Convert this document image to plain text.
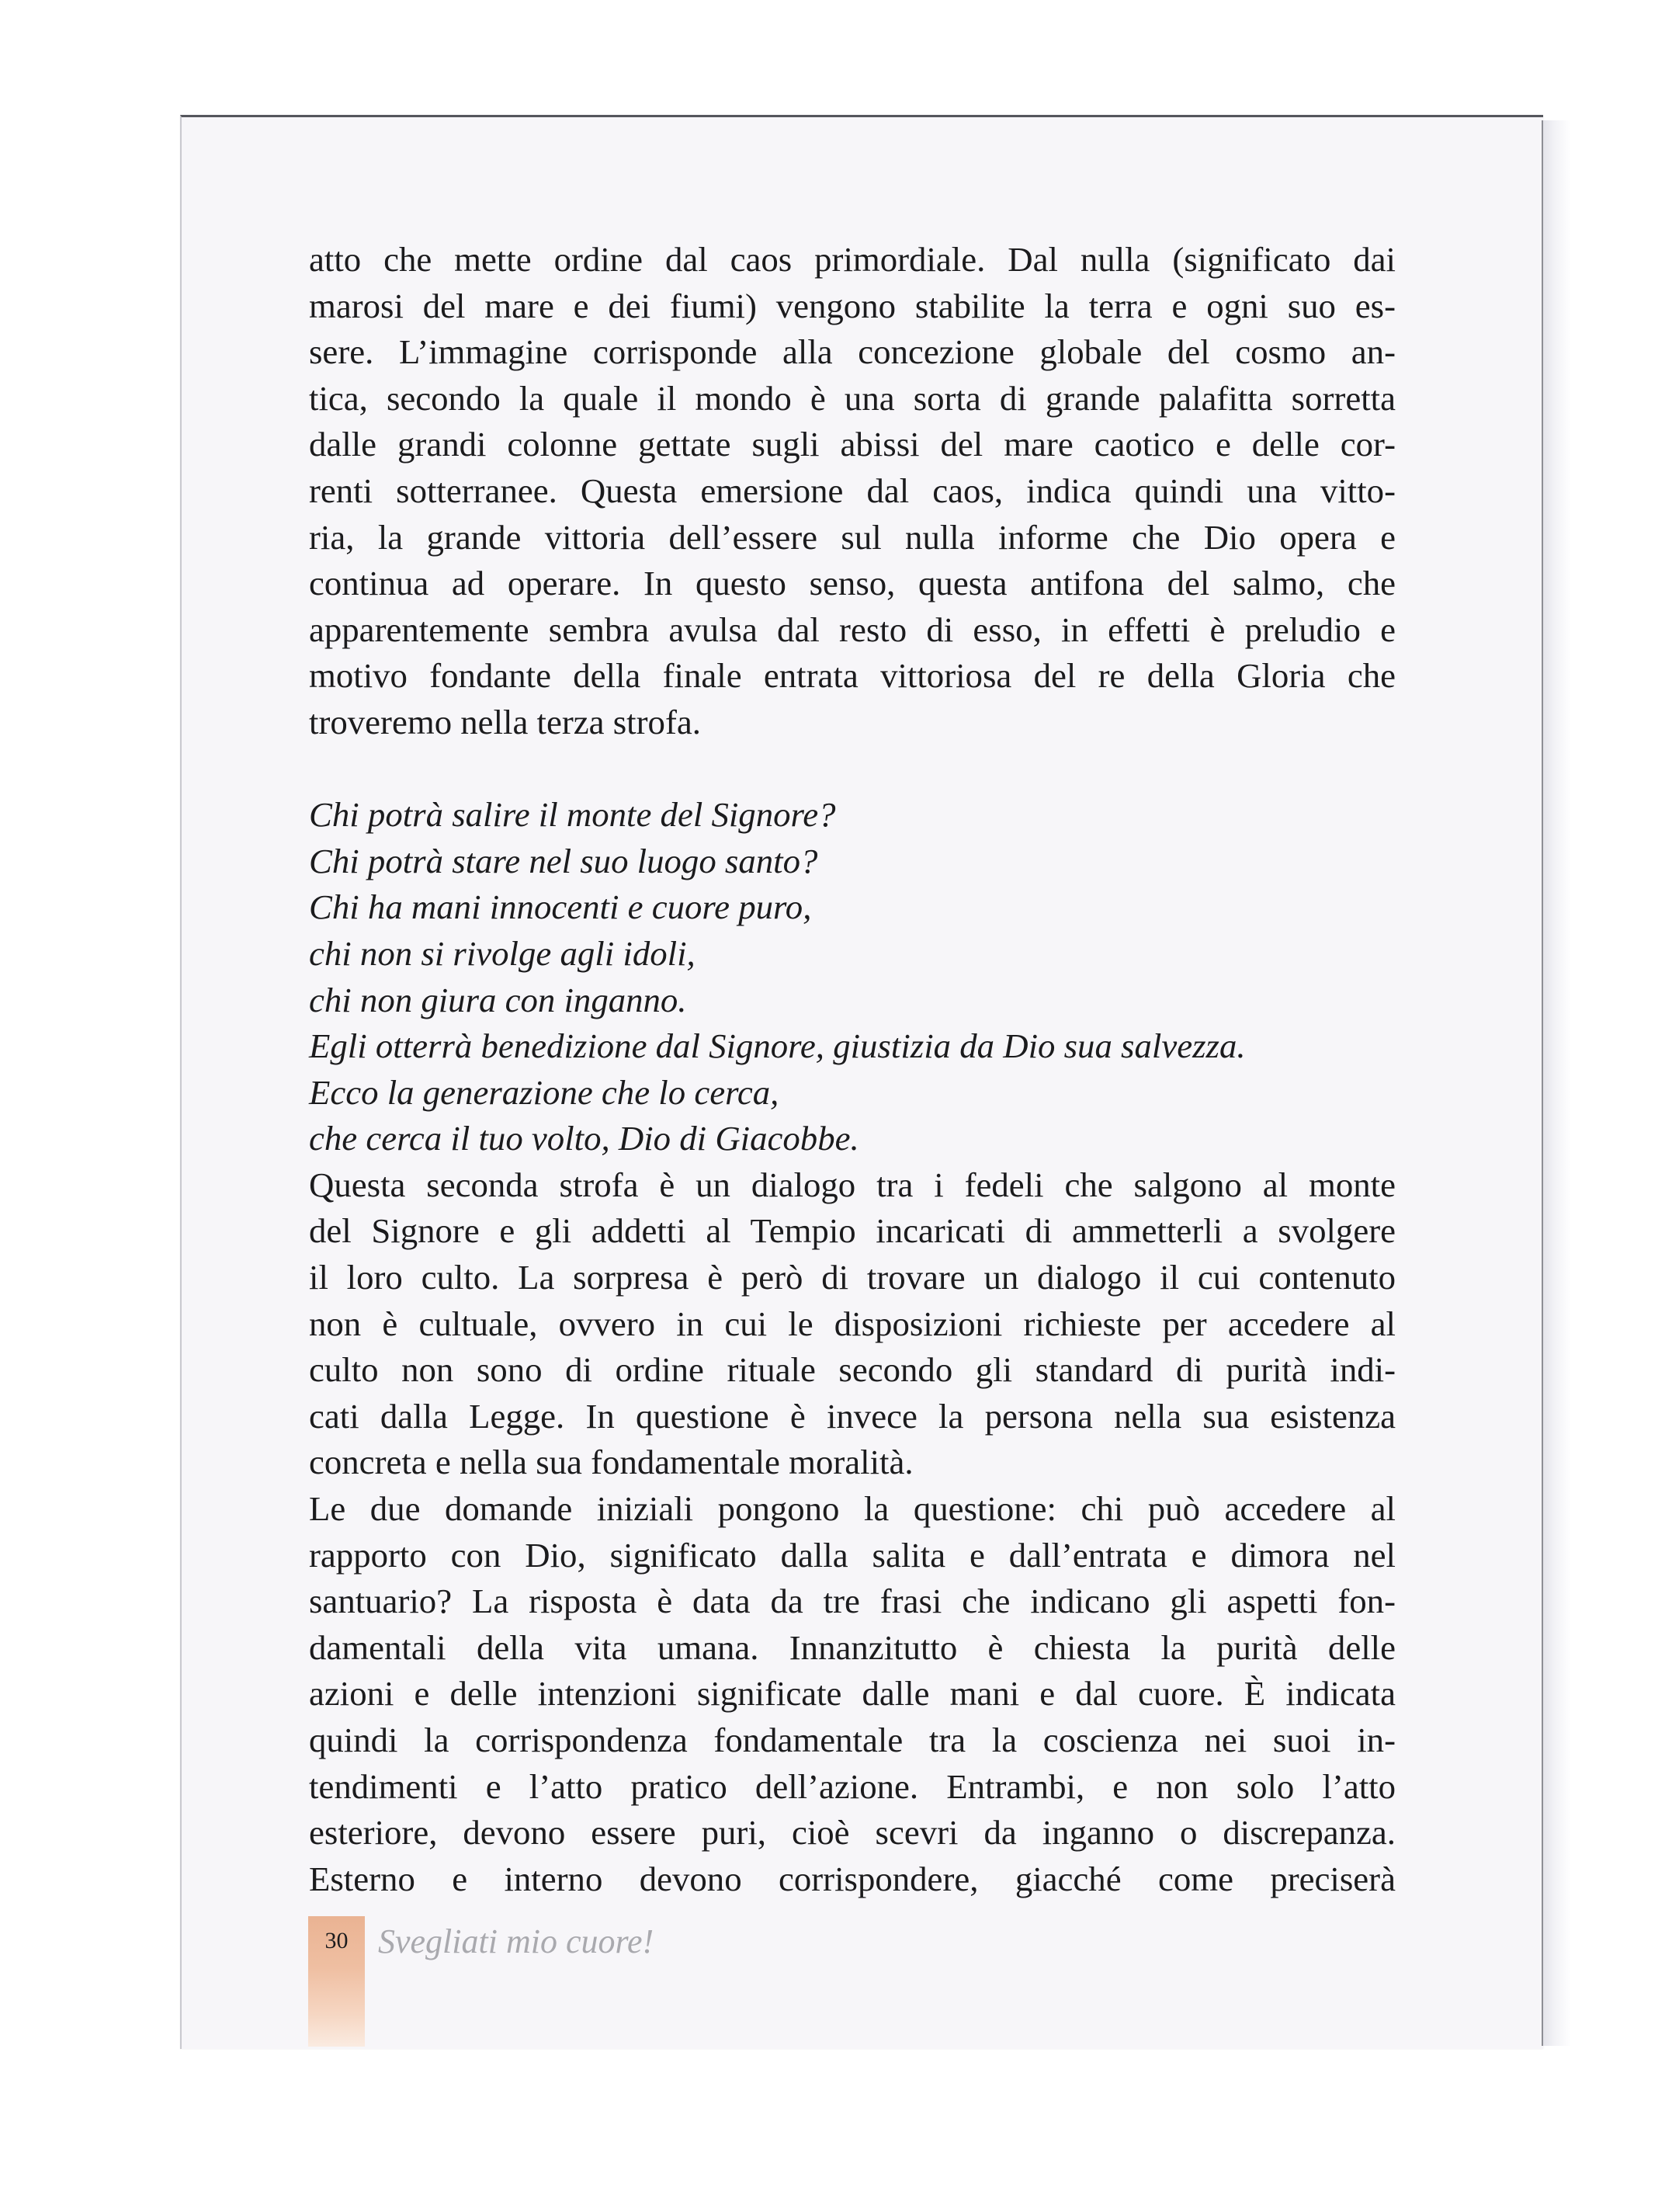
atto che mette ordine dal caos primordiale. Dal nulla (significato dai
marosi del mare e dei fiumi) vengono stabilite la terra e ogni suo es-
sere. L’immagine corrisponde alla concezione globale del cosmo an-
tica, secondo la quale il mondo è una sorta di grande palafitta sorretta
dalle grandi colonne gettate sugli abissi del mare caotico e delle cor-
renti sotterranee. Questa emersione dal caos, indica quindi una vitto-
ria, la grande vittoria dell’essere sul nulla informe che Dio opera e
continua ad operare. In questo senso, questa antifona del salmo, che
apparentemente sembra avulsa dal resto di esso, in effetti è preludio e
motivo fondante della finale entrata vittoriosa del re della Gloria che
troveremo nella terza strofa.
Chi potrà salire il monte del Signore?
Chi potrà stare nel suo luogo santo?
Chi ha mani innocenti e cuore puro,
chi non si rivolge agli idoli,
chi non giura con inganno.
Egli otterrà benedizione dal Signore, giustizia da Dio sua salvezza.
Ecco la generazione che lo cerca,
che cerca il tuo volto, Dio di Giacobbe.
Questa seconda strofa è un dialogo tra i fedeli che salgono al monte
del Signore e gli addetti al Tempio incaricati di ammetterli a svolgere
il loro culto. La sorpresa è però di trovare un dialogo il cui contenuto
non è cultuale, ovvero in cui le disposizioni richieste per accedere al
culto non sono di ordine rituale secondo gli standard di purità indi-
cati dalla Legge. In questione è invece la persona nella sua esistenza
concreta e nella sua fondamentale moralità.
Le due domande iniziali pongono la questione: chi può accedere al
rapporto con Dio, significato dalla salita e dall’entrata e dimora nel
santuario? La risposta è data da tre frasi che indicano gli aspetti fon-
damentali della vita umana. Innanzitutto è chiesta la purità delle
azioni e delle intenzioni significate dalle mani e dal cuore. È indicata
quindi la corrispondenza fondamentale tra la coscienza nei suoi in-
tendimenti e l’atto pratico dell’azione. Entrambi, e non solo l’atto
esteriore, devono essere puri, cioè scevri da inganno o discrepanza.
Esterno e interno devono corrispondere, giacché come preciserà
30 Svegliati mio cuore!
